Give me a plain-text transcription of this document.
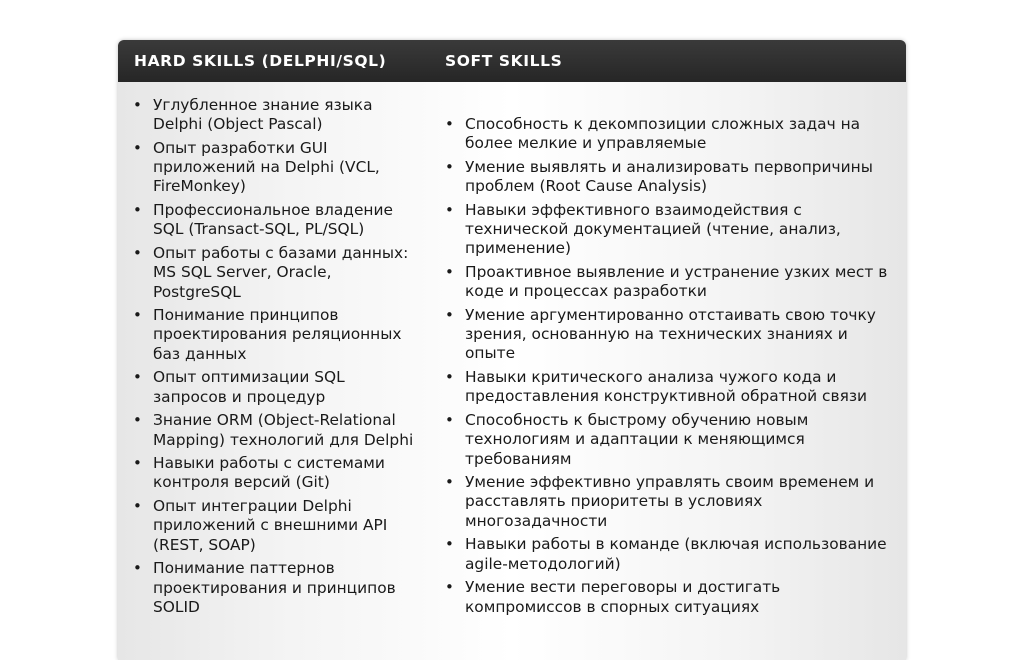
HARD SKILLS (DELPHI/SQL)	SOFT SKILLS
• Углубленное знание языка Delphi (Object Pascal)
• Опыт разработки GUI приложений на Delphi (VCL, FireMonkey)
• Профессиональное владение SQL (Transact-SQL, PL/SQL)
• Опыт работы с базами данных: MS SQL Server, Oracle, PostgreSQL
• Понимание принципов проектирования реляционных баз данных
• Опыт оптимизации SQL запросов и процедур
• Знание ORM (Object-Relational Mapping) технологий для Delphi
• Навыки работы с системами контроля версий (Git)
• Опыт интеграции Delphi приложений с внешними API (REST, SOAP)
• Понимание паттернов проектирования и принципов SOLID
• Способность к декомпозиции сложных задач на более мелкие и управляемые
• Умение выявлять и анализировать первопричины проблем (Root Cause Analysis)
• Навыки эффективного взаимодействия с технической документацией (чтение, анализ, применение)
• Проактивное выявление и устранение узких мест в коде и процессах разработки
• Умение аргументированно отстаивать свою точку зрения, основанную на технических знаниях и опыте
• Навыки критического анализа чужого кода и предоставления конструктивной обратной связи
• Способность к быстрому обучению новым технологиям и адаптации к меняющимся требованиям
• Умение эффективно управлять своим временем и расставлять приоритеты в условиях многозадачности
• Навыки работы в команде (включая использование agile-методологий)
• Умение вести переговоры и достигать компромиссов в спорных ситуациях
